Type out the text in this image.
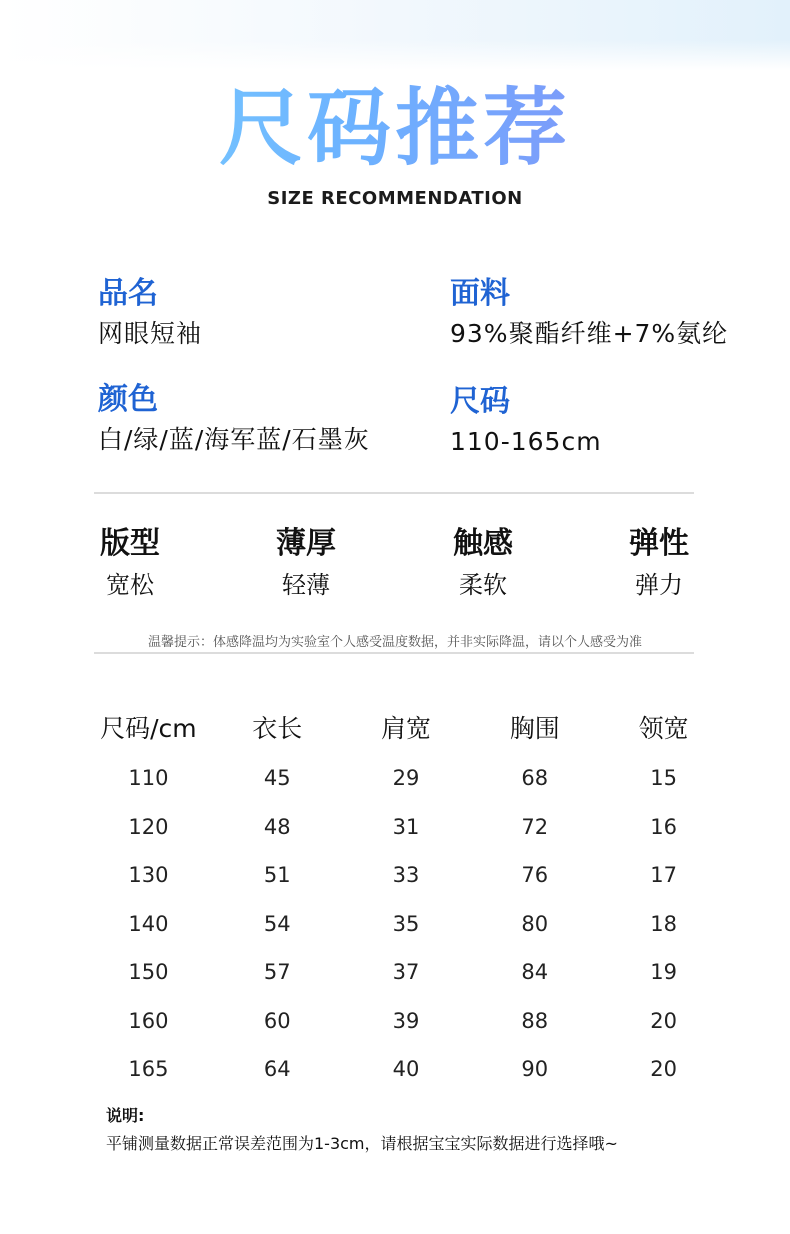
尺码推荐
SIZE RECOMMENDATION
品名
网眼短袖
面料
93%聚酯纤维+7%氨纶
颜色
白/绿/蓝/海军蓝/石墨灰
尺码
110-165cm
版型
宽松
薄厚
轻薄
触感
柔软
弹性
弹力
温馨提示：体感降温均为实验室个人感受温度数据，并非实际降温，请以个人感受为准
尺码/cm	衣长	肩宽	胸围	领宽
110	45	29	68	15
120	48	31	72	16
130	51	33	76	17
140	54	35	80	18
150	57	37	84	19
160	60	39	88	20
165	64	40	90	20
说明:
平铺测量数据正常误差范围为1-3cm，请根据宝宝实际数据进行选择哦~
